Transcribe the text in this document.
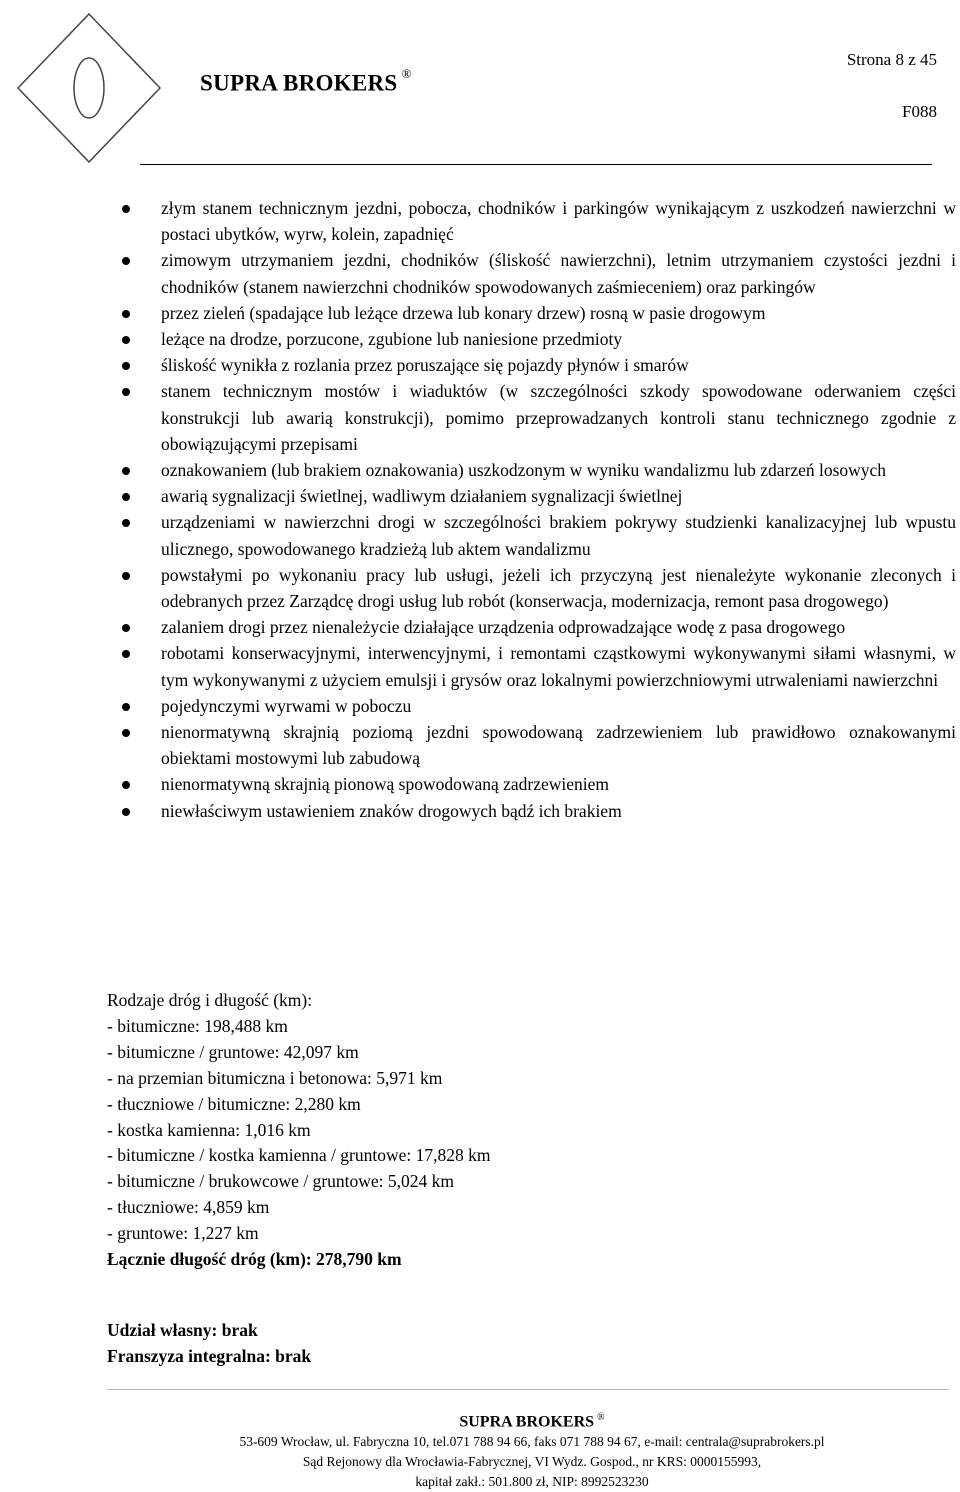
SUPRA BROKERS ®
Strona 8 z 45
F088
złym stanem technicznym jezdni, pobocza, chodników i parkingów wynikającym z uszkodzeń nawierzchni w postaci ubytków, wyrw, kolein, zapadnięć
zimowym utrzymaniem jezdni, chodników (śliskość nawierzchni), letnim utrzymaniem czystości jezdni i chodników (stanem nawierzchni chodników spowodowanych zaśmieceniem) oraz parkingów
przez zieleń (spadające lub leżące drzewa lub konary drzew) rosną w pasie drogowym
leżące na drodze, porzucone, zgubione lub naniesione przedmioty
śliskość wynikła z rozlania przez poruszające się pojazdy płynów i smarów
stanem technicznym mostów i wiaduktów (w szczególności szkody spowodowane oderwaniem części konstrukcji lub awarią konstrukcji), pomimo przeprowadzanych kontroli stanu technicznego zgodnie z obowiązującymi przepisami
oznakowaniem (lub brakiem oznakowania) uszkodzonym w wyniku wandalizmu lub zdarzeń losowych
awarią sygnalizacji świetlnej, wadliwym działaniem sygnalizacji świetlnej
urządzeniami w nawierzchni drogi w szczególności brakiem pokrywy studzienki kanalizacyjnej lub wpustu ulicznego, spowodowanego kradzieżą lub aktem wandalizmu
powstałymi po wykonaniu pracy lub usługi, jeżeli ich przyczyną jest nienależyte wykonanie zleconych i odebranych przez Zarządcę drogi usług lub robót (konserwacja, modernizacja, remont pasa drogowego)
zalaniem drogi przez nienależycie działające urządzenia odprowadzające wodę z pasa drogowego
robotami konserwacyjnymi, interwencyjnymi, i remontami cząstkowymi wykonywanymi siłami własnymi, w tym wykonywanymi z użyciem emulsji i grysów oraz lokalnymi powierzchniowymi utrwaleniami nawierzchni
pojedynczymi wyrwami w poboczu
nienormatywną skrajnią poziomą jezdni spowodowaną zadrzewieniem lub prawidłowo oznakowanymi obiektami mostowymi lub zabudową
nienormatywną skrajnią pionową spowodowaną zadrzewieniem
niewłaściwym ustawieniem znaków drogowych bądź ich brakiem
Rodzaje dróg i długość (km):
- bitumiczne: 198,488 km
- bitumiczne / gruntowe: 42,097 km
- na przemian bitumiczna i betonowa: 5,971 km
- tłuczniowe / bitumiczne: 2,280 km
- kostka kamienna: 1,016 km
- bitumiczne / kostka kamienna / gruntowe: 17,828 km
- bitumiczne / brukowcowe / gruntowe: 5,024 km
- tłuczniowe: 4,859 km
- gruntowe: 1,227 km
Łącznie długość dróg (km): 278,790 km
Udział własny: brak
Franszyza integralna: brak
SUPRA BROKERS ®
53-609 Wrocław, ul. Fabryczna 10, tel.071 788 94 66, faks 071 788 94 67, e-mail: centrala@suprabrokers.pl
Sąd Rejonowy dla Wrocławia-Fabrycznej, VI Wydz. Gospod., nr KRS: 0000155993,
kapitał zakł.: 501.800 zł, NIP: 8992523230
